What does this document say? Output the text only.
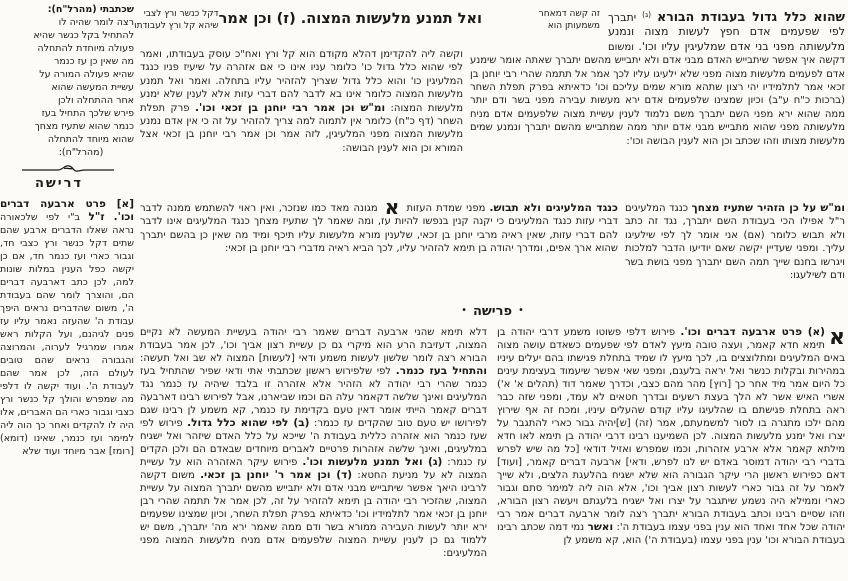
שכתבתי (מהרל"ח):
רצה לומר שהיה לו
להתחיל בקל כנשר שהיא
פעולה מיוחדת להתחלה
מה שאין כן עז כנמר
שהיא פעולה המורה על
עשיית המעשה שהוא
אחר ההתחלה ולכן
פירש שלכך התחיל בעז
כנמר שהוא שתעיז מצחך
שהוא מיוחד להתחלה
(מהרל"ח):
דרישה
[א] פרט ארבעה דברים וכו'. ז"ל ב"י לפי שלכאורה נראה שאלו הדברים ארבע שהם שתים דקל כנשר ורץ כצבי חד, וגבור כארי ועז כנמר חד, אם כן יקשה כפל הענין במלות שונות למה, לכן כתב דארבעה דברים הם, והוצרך לומר שהם בעבודת ה', משום שהדברים נראים היפך עבודת ה' שהעזה נאמר עליו עז פנים לגיהנם, ועל הקלות ראש אמרו שמרגיל לערוה, והמרוצה והגבורה נראים שהם טובים לעולם הזה, לכן אמר שהם לעבודת ה'. ועוד יקשה לו דלפי מה שמפרש והולך קל כנשר ורץ כצבי וגבור כארי הם האברים, אלו היה לו להקדים ואחר כך הוה ליה למימר ועז כנמר, שאינו (דומא) [רומז] אבר מיוחד ועוד שלא
זה קשה דמאחר
משמעותן הוא
ואל תמנע מלעשות המצוה. (ז) וכן אמר
דקל כנשר ורץ לצבי
שיהא קל ורץ לעבודתו
וקשה ליה להקדימן דהלא מקודם הוא קל ורץ ואח"כ עוסק בעבודתו, ואמר לפי שהוא כלל גדול כו' כלומר עניו אינו כי אם אזהרה על שיעיז פניו כנגד המלעיגין כו' והוא כלל גדול שצריך להזהיר עליו בתחלה. ואמר ואל תמנע מלעשות המצוה כלומר אינו בא לדבר להם דברי עזות אלא לענין שלא ימנע מלעשות המצוה: ומ"ש וכן אמר רבי יוחנן בן זכאי וכו'. פרק תפלת השחר (דף כ"ח) כלומר אין לתמוה למה צריך להזהיר על זה כי אין אדם נמנע מלעשות המצוה מפני המלעיגין, לזה אמר וכן אמר רבי יוחנן בן זכאי אצל המורא וכן הוא לענין הבושה:
כנגד המלעיגים ולא תבוש. מפני שמדת העזות א מגונה מאד כמו שנזכר, ואין ראוי להשתמש ממנה לדבר דברי עזות כנגד המלעיגים כי יקנה קנין בנפשו להיות עז, ומה שאמר לך שתעיז מצחך כנגד המלעיגים אינו לדבר להם דברי עזות, שאין ראיה מרבי יוחנן בן זכאי, שלענין מורא מלעשות עליו תיכף ומיד מה שאין כן בהשם יתברך שהוא ארך אפים, ומדרך יהודה בן תימא להזהיר עליו, לכך הביא ראיה מדברי רבי יוחנן בן זכאי:
שהוא כלל גדול בעבודת הבורא $^{(ג)}$ יתברך לפי שפעמים אדם חפץ לעשות מצוה ונמנע מלעשותה מפני בני אדם שמלעיגין עליו וכו'. ומשום דקשה איך אפשר שיתבייש האדם מבני אדם ולא יתבייש מהשם יתברך שאתה אומר שימנע אדם לפעמים מלעשות מצוה מפני שלא ילעיגו עליו לכך אמר אל תתמה שהרי רבי יוחנן בן זכאי אמר לתלמידיו יהי רצון שתהא מורא שמים עליכם וכו' כדאיתא בפרק תפלת השחר (ברכות כ"ח ע"ב) וכיון שמצינו שלפעמים אדם ירא מעשות עבירה מפני בשר ודם יותר ממה שהוא ירא מפני השם יתברך משם נלמוד לענין עשיית מצוה שלפעמים אדם מניח מלעשותה מפני שהוא מתבייש מבני אדם יותר ממה שמתבייש מהשם יתברך ונמנע שמים מלעשות מצותו וזהו שכתב וכן הוא לענין הבושה וכו':
ומ"ש על כן הזהיר שתעיז מצחך כנגד המלעיגים ר"ל אפילו הכי בעבודת השם יתברך, נגד זה כתב ולא תבוש כלומר (אם) אני אומר לך לפי שילעיגו עליך. ומפני שעדיין יקשה שאם יודיעו הדבר למלכות ויגרשו בחנם שייך תמה השם יתברך מפני בושת בשר ודם לשילעגו:
•פרישה•
א
(א) פרט ארבעה דברים וכו'. פירוש דלפי פשוטו משמע דרבי יהודה בן תימא חדא קאמר, ועצה טובה מיעץ לאדם לפי שפעמים כשאדם עושה מצוה באים המלעיגים ומתלוצצים בו, לכך מיעץ לו שמיד בתחלת פגישתו בהם יעלים עיניו במהירות ובקלות כנשר ואל יראה בלעגם, ומפני שאי אפשר שיעמוד בעצימת עינים כל היום אמר מיד אחר כך [רוץ] מהר מהם כצבי, וכדרך שאמר דוד (תהלים א' א') אשרי האיש אשר לא הלך בעצת רשעים ובדרך חטאים לא עמד, ומפני שזה כבר ראה בתחלת פגישתם בו שהלעיגו עליו קודם שהעלים עיניו, ומכח זה אף שירוץ מהם ילכו מתגרה בו לסור למשמעתם, אמר (זה) [ש]יהיה גבור כארי להתגבר על יצרו ואל ימנע מלעשות המצוה. לכן השמיענו רבינו דרבי יהודה בן תימא לאו חדא מילתא קאמר אלא ארבע אזהרות, וכמו שמפרש ואזיל דודאי [כל מה שיש לפרש בדברי רבי יהודה דמוסר באדם יש לנו לפרש, ודאי] ארבעה דברים קאמר, [ועוד] דאם כפירוש ראשון הרי עיקר הגבורה הוא שלא ישגיח בהלעגת הלצים, ולא שייך לאמר על זה גבור כארי לעשות רצון אביך וכו', אלא הוה ליה למימר סתם וגבור כארי וממילא היה נשמע שיתגבר על יצרו ואל ישגיח בלעגתם ויעשה רצון הבורא, וזהו שסיים רבינו וכתב בעבודת הבורא יתברך רצה לומר ארבעה דברים אמר רבי יהודה שכל אחד ואחד הוא ענין בפני עצמו בעבודת ה': ואשר נמי דמה שכתב רבינו בעבודת הבורא וכו' ענין בפני עצמו (בעבודת ה') הוא, קא משמע לן
דלא תימא שהני ארבעה דברים שאמר רבי יהודה בעשיית המעשה לא נקיים המצוה, דעזיבת הרע הוא מיקרי גם כן עשיית רצון אביך וכו', לכן אמר בעבודת הבורא רצה לומר שלשון לעשות משמע ודאי [לעשות] המצוה לא שב ואל תעשה: והתחיל בעז כנמר. לפי שלפירוש ראשון שכתבתי אתי ודאי שפיר שהתחיל בעז כנמר שהרי רבי יהודה לא הזהיר אלא אזהרה זו בלבד שיהיה עז כנמר נגד המלעיגים ואינך שלשה דקאמר עלה הם וכמו שביארנו, אבל לפירוש רבינו דארבעה דברים קאמר הייתי אומר דאין טעם בקדימת עז כנמר, קא משמע לן רבינו שגם לפירושו יש טעם טוב שהקדים עז כנמר: (ב) לפי שהוא כלל גדול. פירוש לפי שעז כנמר הוא אזהרה כללית בעבודת ה' שייכא על כלל האדם שיזהר ואל ישגיח במלעיגים, ואינך שלשה אזהרות פרטיים לאברים מיוחדים שבאדם הם ולכן הקדים עז כנמר: (ג) ואל תמנע מלעשות וכו'. פירוש עיקר האזהרה הוא על עשיית המצוה לא על מניעת החטא: (ד) וכן אמר ר' יוחנן בן זכאי. משום דקשה לרבינו היאך אפשר שיתבייש מבני אדם ולא יתבייש מהשם יתברך המצוה על עשיית המצוה, שהזכיר רבי יהודה בן תימא להזהיר על זה, לכן אמר אל תתמה שהרי רבן יוחנן בן זכאי אמר לתלמידיו וכו' כדאיתא בפרק תפלת השחר, וכיון שמצינו שפעמים ירא יותר לעשות העבירה ממורא בשר ודם ממה שאמר ירא מה' יתברך, משם יש ללמוד גם כן לענין עשיית המצוה שלפעמים אדם מניח מלעשות המצוה מפני המלעיגים:
